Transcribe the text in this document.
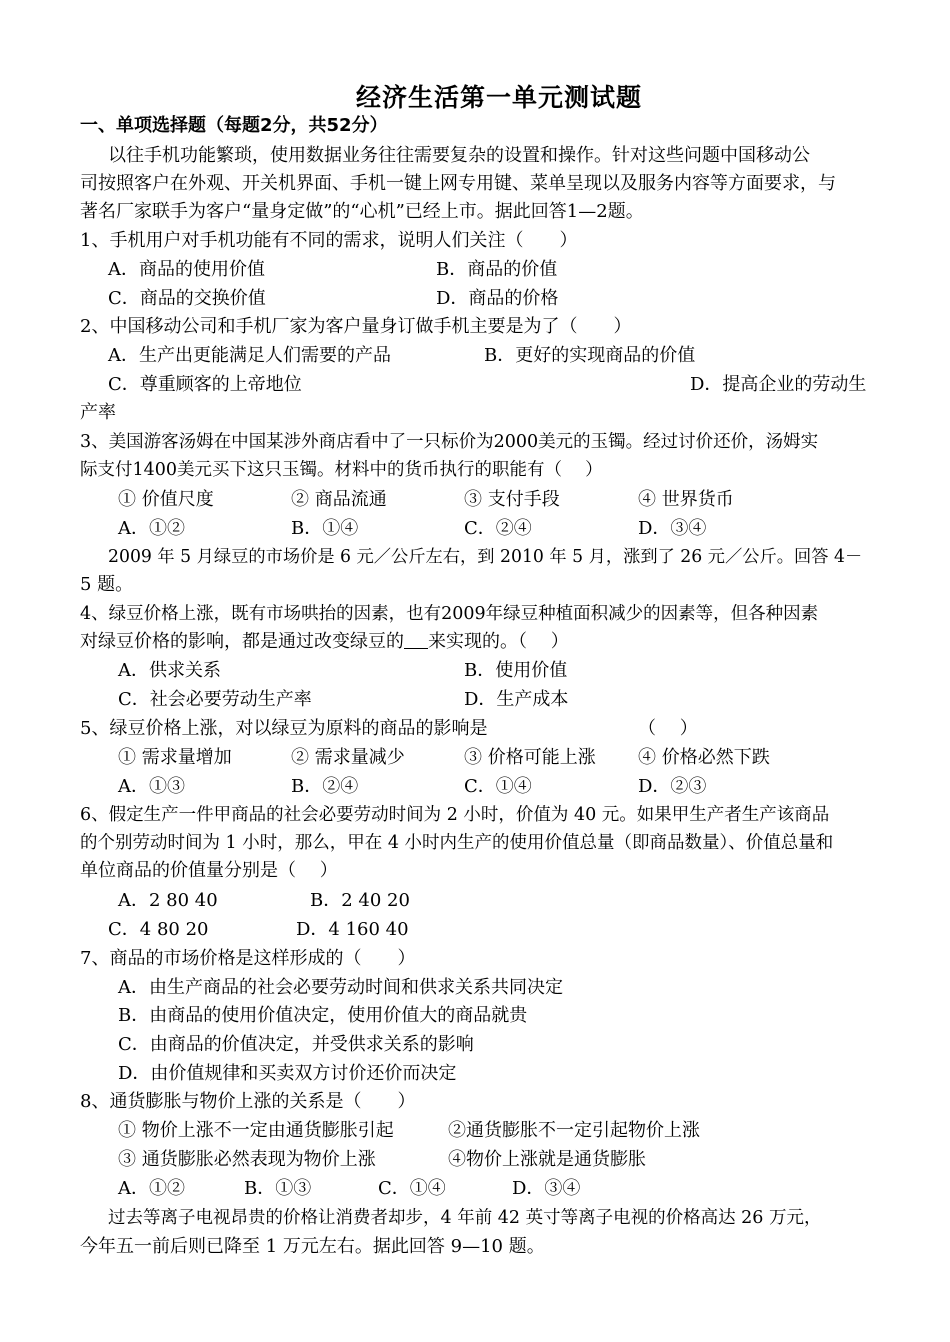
经济生活第一单元测试题
一、单项选择题（每题2分，共52分）
以往手机功能繁琐，使用数据业务往往需要复杂的设置和操作。针对这些问题中国移动公
司按照客户在外观、开关机界面、手机一键上网专用键、菜单呈现以及服务内容等方面要求，与
著名厂家联手为客户“量身定做”的“心机”已经上市。据此回答1—2题。
1、手机用户对手机功能有不同的需求，说明人们关注（　　）
A．商品的使用价值	B．商品的价值
C．商品的交换价值	D．商品的价格
2、中国移动公司和手机厂家为客户量身订做手机主要是为了（　　）
A．生产出更能满足人们需要的产品	B．更好的实现商品的价值
C．尊重顾客的上帝地位	D．提高企业的劳动生
产率
3、美国游客汤姆在中国某涉外商店看中了一只标价为2000美元的玉镯。经过讨价还价，汤姆实
际支付1400美元买下这只玉镯。材料中的货币执行的职能有（　 ）
① 价值尺度	② 商品流通	③ 支付手段	④ 世界货币
A．①②	B．①④	C．②④	D．③④
2009 年 5 月绿豆的市场价是 6 元／公斤左右，到 2010 年 5 月，涨到了 26 元／公斤。回答 4－
5 题。
4、绿豆价格上涨，既有市场哄抬的因素，也有2009年绿豆种植面积减少的因素等，但各种因素
对绿豆价格的影响，都是通过改变绿豆的 来实现的。（　 ）
A．供求关系	B．使用价值
C．社会必要劳动生产率	D．生产成本
5、绿豆价格上涨，对以绿豆为原料的商品的影响是	（　 ）
① 需求量增加	② 需求量减少	③ 价格可能上涨 ④ 价格必然下跌
A．①③	B．②④	C．①④	D．②③
6、假定生产一件甲商品的社会必要劳动时间为 2 小时，价值为 40 元。如果甲生产者生产该商品
的个别劳动时间为 1 小时，那么，甲在 4 小时内生产的使用价值总量（即商品数量）、价值总量和
单位商品的价值量分别是（　 ）
A．2 80 40	B．2 40 20
C．4 80 20	D．4 160 40
7、商品的市场价格是这样形成的（　　）
A．由生产商品的社会必要劳动时间和供求关系共同决定
B．由商品的使用价值决定，使用价值大的商品就贵
C．由商品的价值决定，并受供求关系的影响
D．由价值规律和买卖双方讨价还价而决定
8、通货膨胀与物价上涨的关系是（　　）
① 物价上涨不一定由通货膨胀引起	②通货膨胀不一定引起物价上涨
③ 通货膨胀必然表现为物价上涨	④物价上涨就是通货膨胀
A．①②	B．①③	C．①④	D．③④
过去等离子电视昂贵的价格让消费者却步，4 年前 42 英寸等离子电视的价格高达 26 万元，
今年五一前后则已降至 1 万元左右。据此回答 9—10 题。
